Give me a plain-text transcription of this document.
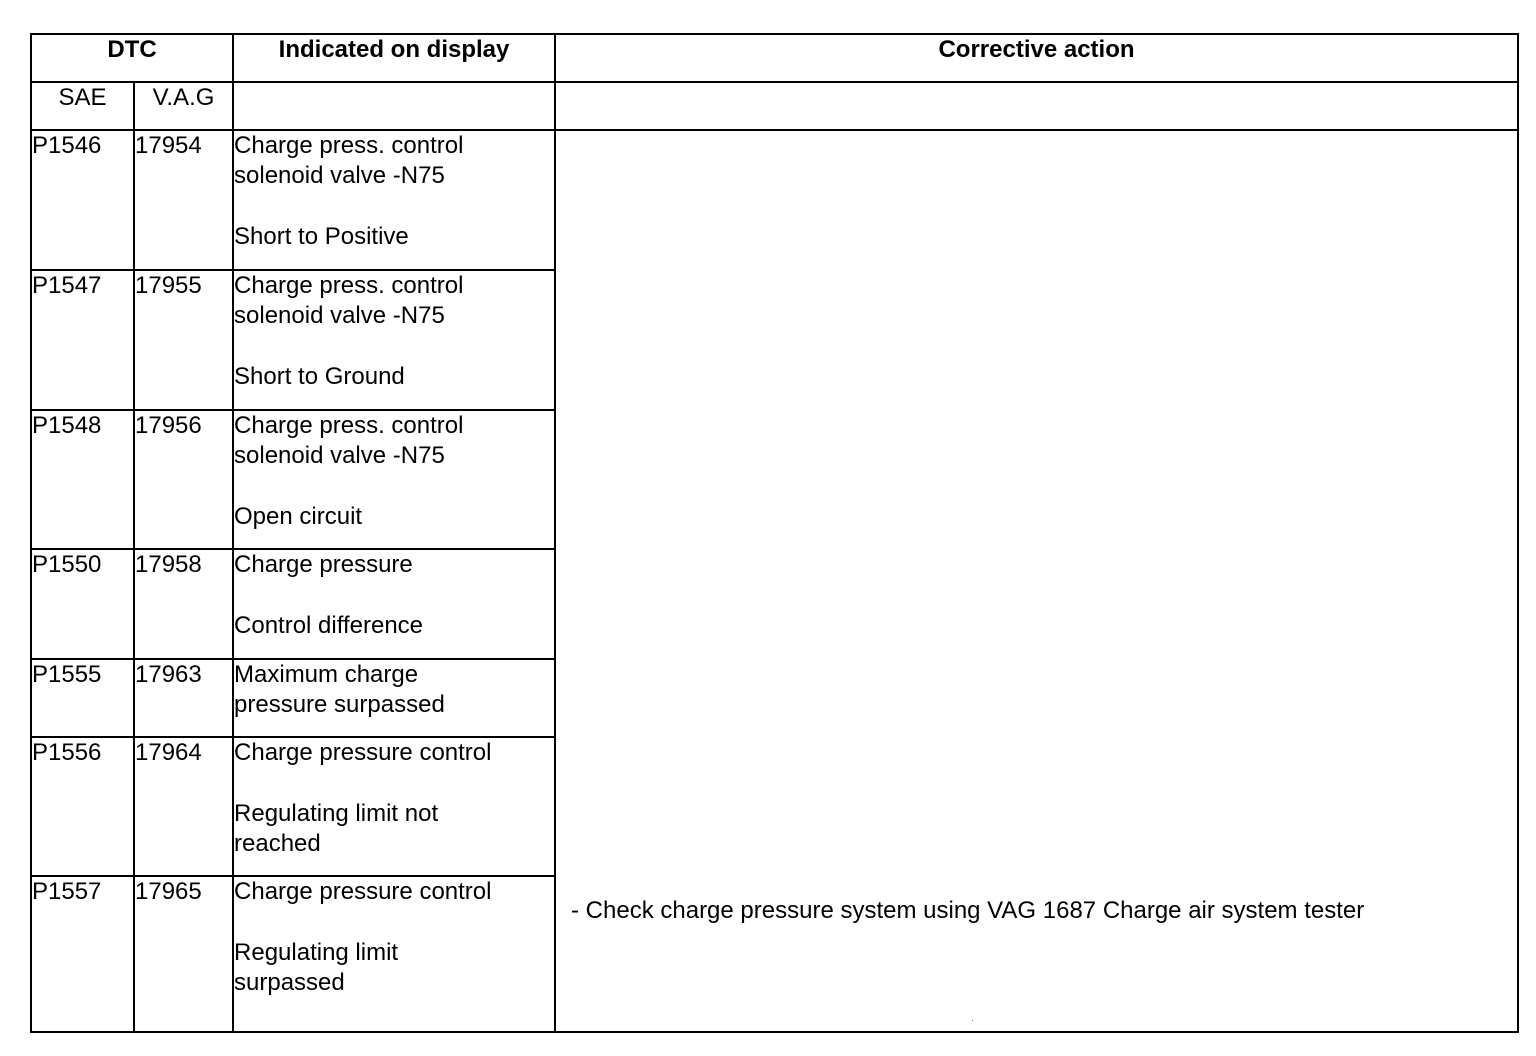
DTC		Indicated on display	Corrective action
SAE	V.A.G		
P1546	17954	Charge press. control
solenoid valve -N75
Short to Positive	- Check charge pressure system using VAG 1687 Charge air system tester

P1547	17955	Charge press. control
solenoid valve -N75
Short to Ground	

P1548	17956	Charge press. control
solenoid valve -N75
Open circuit	

P1550	17958	Charge pressure
Control difference	

P1555	17963	Maximum charge
pressure surpassed	

P1556	17964	Charge pressure control
Regulating limit not
reached	

P1557	17965	Charge pressure control
Regulating limit
surpassed	
